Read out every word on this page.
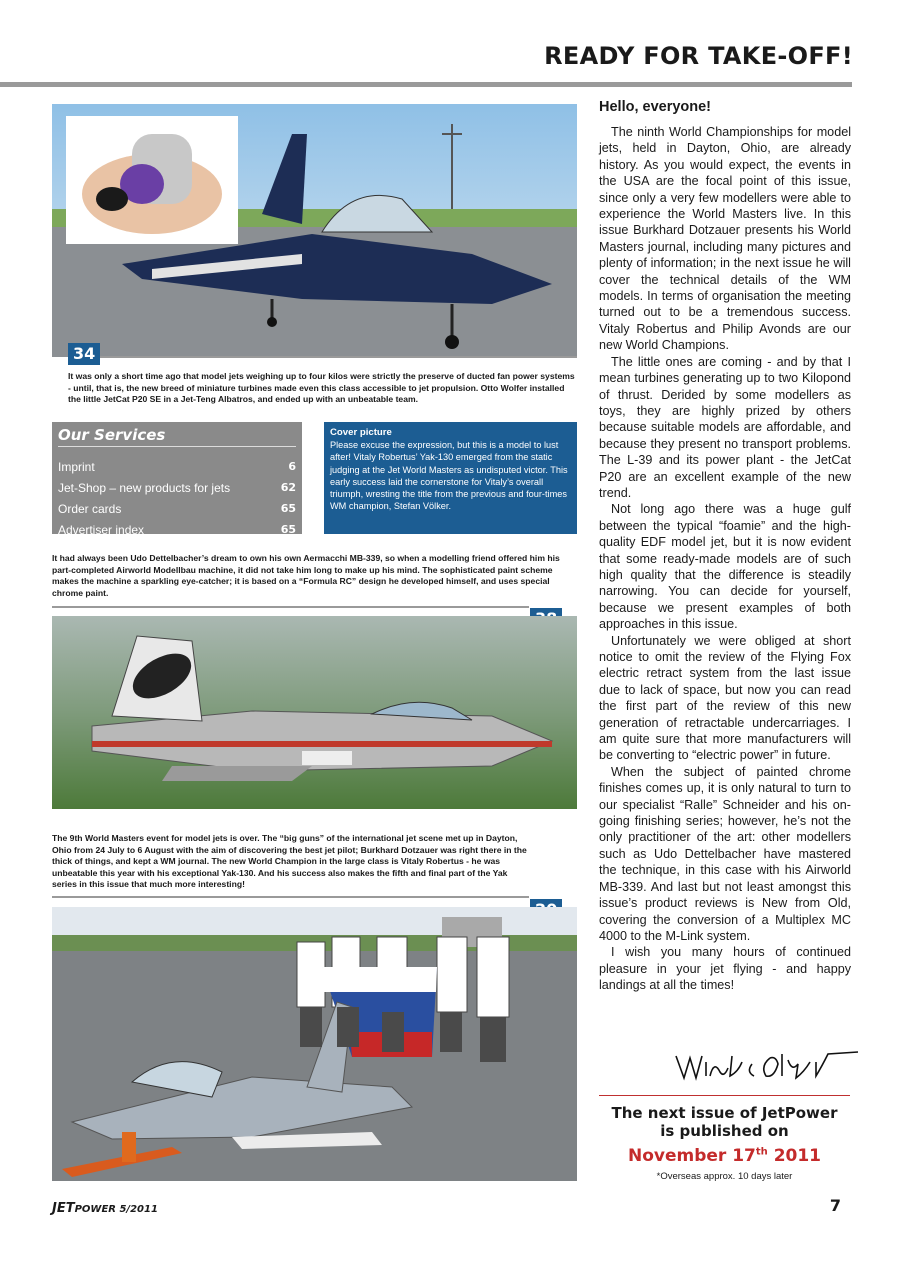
READY FOR TAKE-OFF!
34
It was only a short time ago that model jets weighing up to four kilos were strictly the preserve of ducted fan power systems - until, that is, the new breed of miniature turbines made even this class accessible to jet propulsion. Otto Wolfer installed the little JetCat P20 SE in a Jet-Teng Albatros, and ended up with an unbeatable team.
Our Services
Imprint	6
Jet-Shop – new products for jets	62
Order cards	65
Advertiser index	65
Cover picture
Please excuse the expression, but this is a model to lust after! Vitaly Robertus’ Yak-130 emerged from the static judging at the Jet World Masters as undisputed victor. This early success laid the cornerstone for Vitaly’s overall triumph, wresting the title from the previous and four-times WM champion, Stefan Völker.
It had always been Udo Dettelbacher’s dream to own his own Aermacchi MB-339, so when a modelling friend offered him his part-completed Airworld Modellbau machine, it did not take him long to make up his mind. The sophisticated paint scheme makes the machine a sparkling eye-catcher; it is based on a “Formula RC” design he developed himself, and uses special chrome paint.
The 9th World Masters event for model jets is over. The “big guns” of the international jet scene met up in Dayton, Ohio from 24 July to 6 August with the aim of discovering the best jet pilot; Burkhard Dotzauer was right there in the thick of things, and kept a WM journal. The new World Champion in the large class is Vitaly Robertus - he was unbeatable this year with his exceptional Yak-130. And his success also makes the fifth and final part of the Yak series in this issue that much more interesting!
Hello, everyone!

The ninth World Championships for model jets, held in Dayton, Ohio, are already history. As you would expect, the events in the USA are the focal point of this issue, since only a very few modellers were able to experience the World Masters live. In this issue Burkhard Dotzauer presents his World Masters journal, including many pictures and plenty of information; in the next issue he will cover the technical details of the WM models. In terms of organisation the meeting turned out to be a tremendous success. Vitaly Robertus and Philip Avonds are our new World Champions.

The little ones are coming - and by that I mean turbines generating up to two Kilopond of thrust. Derided by some modellers as toys, they are highly prized by others because suitable models are affordable, and because they present no transport problems. The L-39 and its power plant - the JetCat P20 are an excellent example of the new trend.

Not long ago there was a huge gulf between the typical “foamie” and the high-quality EDF model jet, but it is now evident that some ready-made models are of such high quality that the difference is steadily narrowing. You can decide for yourself, because we present examples of both approaches in this issue.

Unfortunately we were obliged at short notice to omit the review of the Flying Fox electric retract system from the last issue due to lack of space, but now you can read the first part of the review of this new generation of retractable undercarriages. I am quite sure that more manufacturers will be converting to “electric power” in future.

When the subject of painted chrome finishes comes up, it is only natural to turn to our specialist “Ralle” Schneider and his on-going finishing series; however, he’s not the only practitioner of the art: other modellers such as Udo Dettelbacher have mastered the technique, in this case with his Airworld MB-339. And last but not least amongst this issue’s product reviews is New from Old, covering the conversion of a Multiplex MC 4000 to the M-Link system.

I wish you many hours of continued pleasure in your jet flying - and happy landings at all the times!

The next issue of JetPower
is published on
November 17th 2011
*Overseas approx. 10 days later
JETPOWER 5/2011	7
